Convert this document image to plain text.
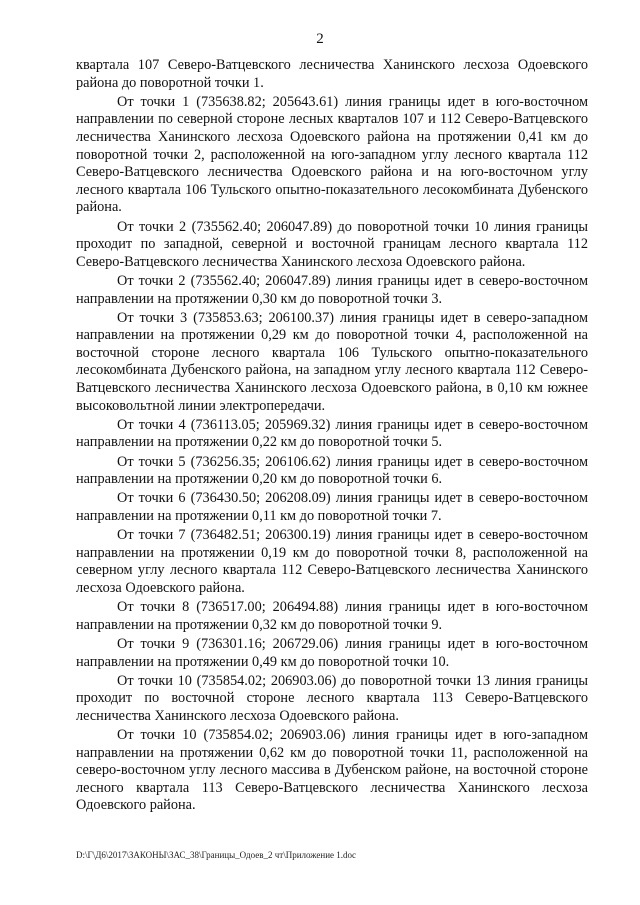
2

квартала 107 Северо-Ватцевского лесничества Ханинского лесхоза Одоевского района до поворотной точки 1.

От точки 1 (735638.82; 205643.61) линия границы идет в юго-восточном направлении по северной стороне лесных кварталов 107 и 112 Северо-Ватцевского лесничества Ханинского лесхоза Одоевского района на протяжении 0,41 км до поворотной точки 2, расположенной на юго-западном углу лесного квартала 112 Северо-Ватцевского лесничества Одоевского района и на юго-восточном углу лесного квартала 106 Тульского опытно-показательного лесокомбината Дубенского района.

От точки 2 (735562.40; 206047.89) до поворотной точки 10 линия границы проходит по западной, северной и восточной границам лесного квартала 112 Северо-Ватцевского лесничества Ханинского лесхоза Одоевского района.

От точки 2 (735562.40; 206047.89) линия границы идет в северо-восточном направлении на протяжении 0,30 км до поворотной точки 3.

От точки 3 (735853.63; 206100.37) линия границы идет в северо-западном направлении на протяжении 0,29 км до поворотной точки 4, расположенной на восточной стороне лесного квартала 106 Тульского опытно-показательного лесокомбината Дубенского района, на западном углу лесного квартала 112 Северо-Ватцевского лесничества Ханинского лесхоза Одоевского района, в 0,10 км южнее высоковольтной линии электропередачи.

От точки 4 (736113.05; 205969.32) линия границы идет в северо-восточном направлении на протяжении 0,22 км до поворотной точки 5.

От точки 5 (736256.35; 206106.62) линия границы идет в северо-восточном направлении на протяжении 0,20 км до поворотной точки 6.

От точки 6 (736430.50; 206208.09) линия границы идет в северо-восточном направлении на протяжении 0,11 км до поворотной точки 7.

От точки 7 (736482.51; 206300.19) линия границы идет в северо-восточном направлении на протяжении 0,19 км до поворотной точки 8, расположенной на северном углу лесного квартала 112 Северо-Ватцевского лесничества Ханинского лесхоза Одоевского района.

От точки 8 (736517.00; 206494.88) линия границы идет в юго-восточном направлении на протяжении 0,32 км до поворотной точки 9.

От точки 9 (736301.16; 206729.06) линия границы идет в юго-восточном направлении на протяжении 0,49 км до поворотной точки 10.

От точки 10 (735854.02; 206903.06) до поворотной точки 13 линия границы проходит по восточной стороне лесного квартала 113 Северо-Ватцевского лесничества Ханинского лесхоза Одоевского района.

От точки 10 (735854.02; 206903.06) линия границы идет в юго-западном направлении на протяжении 0,62 км до поворотной точки 11, расположенной на северо-восточном углу лесного массива в Дубенском районе, на восточной стороне лесного квартала 113 Северо-Ватцевского лесничества Ханинского лесхоза Одоевского района.

D:\Г\Д6\2017\ЗАКОНЫ\ЗАС_38\Границы_Одоев_2 чт\Приложение 1.doc
